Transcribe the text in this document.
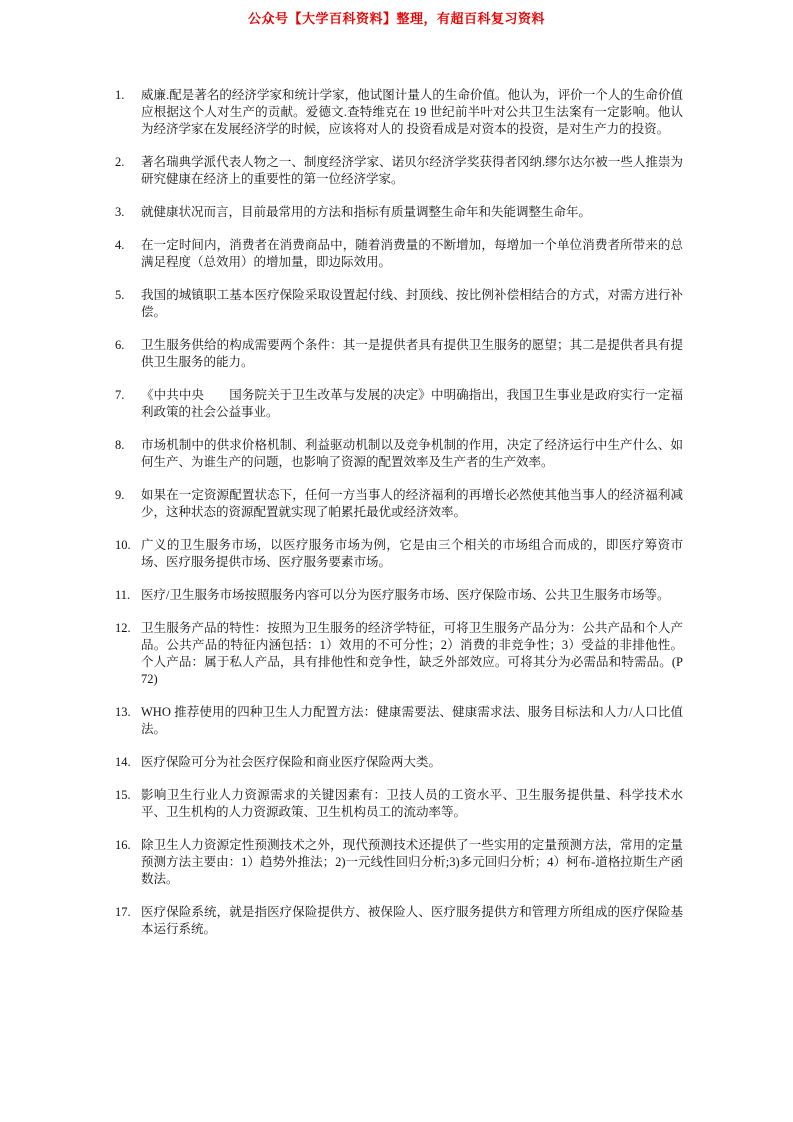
公众号【大学百科资料】整理，有超百科复习资料
1.	威廉.配是著名的经济学家和统计学家，他试图计量人的生命价值。他认为，评价一个人的生命价值应根据这个人对生产的贡献。爱德文.查特维克在 19 世纪前半叶对公共卫生法案有一定影响。他认为经济学家在发展经济学的时候，应该将对人的 投资看成是对资本的投资，是对生产力的投资。
2.	著名瑞典学派代表人物之一、制度经济学家、诺贝尔经济学奖获得者冈纳.缪尔达尔被一些人推崇为研究健康在经济上的重要性的第一位经济学家。
3.	就健康状况而言，目前最常用的方法和指标有质量调整生命年和失能调整生命年。
4.	在一定时间内，消费者在消费商品中，随着消费量的不断增加，每增加一个单位消费者所带来的总满足程度（总效用）的增加量，即边际效用。
5.	我国的城镇职工基本医疗保险采取设置起付线、封顶线、按比例补偿相结合的方式，对需方进行补偿。
6.	卫生服务供给的构成需要两个条件：其一是提供者具有提供卫生服务的愿望；其二是提供者具有提供卫生服务的能力。
7.	《中共中央　　国务院关于卫生改革与发展的决定》中明确指出，我国卫生事业是政府实行一定福利政策的社会公益事业。
8.	市场机制中的供求价格机制、利益驱动机制以及竞争机制的作用，决定了经济运行中生产什么、如何生产、为谁生产的问题，也影响了资源的配置效率及生产者的生产效率。
9.	如果在一定资源配置状态下，任何一方当事人的经济福利的再增长必然使其他当事人的经济福利减少，这种状态的资源配置就实现了帕累托最优或经济效率。
10. 广义的卫生服务市场，以医疗服务市场为例，它是由三个相关的市场组合而成的，即医疗筹资市场、医疗服务提供市场、医疗服务要素市场。
11. 医疗/卫生服务市场按照服务内容可以分为医疗服务市场、医疗保险市场、公共卫生服务市场等。
12. 卫生服务产品的特性：按照为卫生服务的经济学特征，可将卫生服务产品分为：公共产品和个人产品。公共产品的特征内涵包括：1）效用的不可分性；2）消费的非竞争性；3）受益的非排他性。个人产品：属于私人产品，具有排他性和竞争性，缺乏外部效应。可将其分为必需品和特需品。(P72)
13. WHO 推荐使用的四种卫生人力配置方法：健康需要法、健康需求法、服务目标法和人力/人口比值法。
14. 医疗保险可分为社会医疗保险和商业医疗保险两大类。
15. 影响卫生行业人力资源需求的关键因素有：卫技人员的工资水平、卫生服务提供量、科学技术水平、卫生机构的人力资源政策、卫生机构员工的流动率等。
16. 除卫生人力资源定性预测技术之外，现代预测技术还提供了一些实用的定量预测方法，常用的定量预测方法主要由：1）趋势外推法；2)一元线性回归分析;3)多元回归分析；4）柯布-道格拉斯生产函数法。
17. 医疗保险系统，就是指医疗保险提供方、被保险人、医疗服务提供方和管理方所组成的医疗保险基本运行系统。
